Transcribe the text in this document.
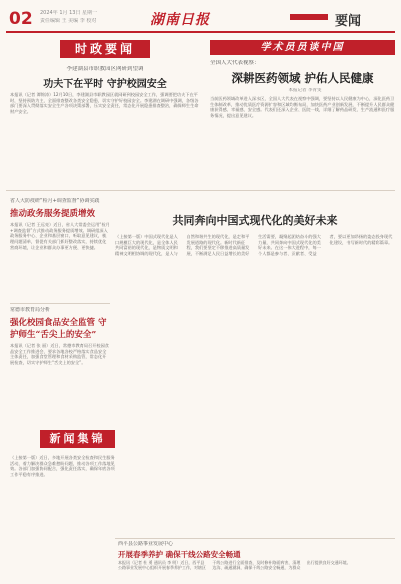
02 2024年 1月 13日 星期一
责任编辑 王 美编 李 校对	湖南日报	要闻
时政要闻
李建湖县市职教园区网研到望调
功夫下在平时 守护校园安全
本报讯（记者 谭锦涛）12月10日，李建湖县市职教园区就网研到校园安全工作，强调要把功夫下在平时，坚持预防为主，全面排查整改各类安全隐患，切实守护好校园安全。李建湖在调研中强调，各级各部门要深入贯彻落实安全生产各项决策部署，压实安全责任，常态化开展隐患排查整治，确保师生生命财产安全。
学术员员谈中国
全国人大代表视察：
深耕医药领域 护佑人民健康
本报记者 李青雯
当前医药领域改革进入深水区，全国人大代表在视察中强调，要坚持以人民健康为中心，深化医药卫生体制改革，推动优质医疗资源扩容和区域均衡布局，加快医药产业创新发展，不断提升人民群众健康获得感、幸福感、安全感。代表们还深入企业、医院一线，详细了解药品研发、生产流通和医疗服务情况，提出意见建议。
省人大防疫研“检月+调查监督”协调实践
推动政务服务提质增效
本报讯（记者 王远亮）近日，省人大常委会运用“检月+调查监督”方式推动政务服务提质增效。调研组深入政务服务中心、企业和基层窗口，听取意见建议，梳理问题清单，督促有关部门抓好整改落实，持续优化营商环境，让企业和群众办事更方便、更快捷。
共同奔向中国式现代化的美好未来
（上接第一版）中国式现代化是人口规模巨大的现代化，是全体人民共同富裕的现代化，是物质文明和精神文明相协调的现代化，是人与自然和谐共生的现代化，是走和平发展道路的现代化。新时代新征程，我们要坚定不移推进高质量发展，不断满足人民日益增长的美好生活需要，凝聚起团结奋斗的强大力量，共同奔向中国式现代化的美好未来。在这一伟大进程中，每一个人都是参与者、贡献者、受益者，要以更加昂扬的姿态投身现代化建设，书写新时代的精彩篇章。
常德市教育局分析
强化校园食品安全监管 守护师生“舌尖上的安全”
本报讯（记者 张 丽）近日，常德市教育局召开校园食品安全工作推进会，要求各地各校严格落实食品安全主体责任，加强食堂管理和食材采购监管，常态化开展检查，切实守护师生“舌尖上的安全”。
新闻集锦
（上接第一版）近日，多地开展各类安全检查和民生服务活动，着力解决群众急难愁盼问题，推动各项工作落地见效。各部门加强协同配合，强化责任落实，确保年底各项工作平稳有序推进。
西平县公路事业发展中心
开展春季养护 确保干线公路安全畅通
本报讯（记者 杜 勇 通讯员 李 明）近日，西平县公路事业发展中心组织开展春季养护工作，对辖区干线公路进行全面排查，及时修补路面病害，清理边沟、疏通涵洞，确保干线公路安全畅通，为群众出行提供良好交通环境。
